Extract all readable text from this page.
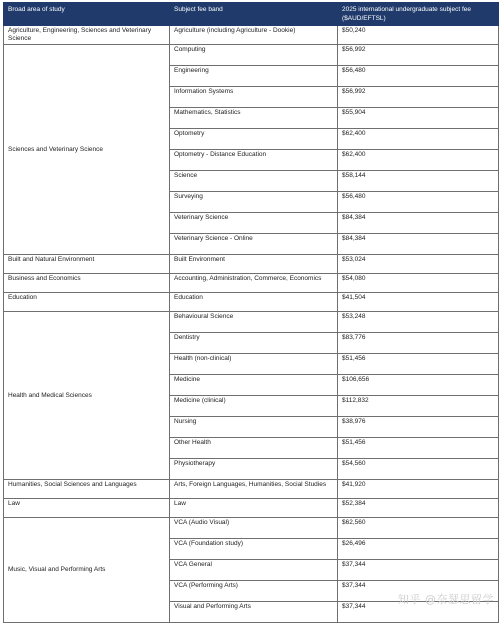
Broad area of study	Subject fee band	2025 international undergraduate subject fee ($AUD/EFTSL)
Agriculture, Engineering, Sciences and Veterinary Science	Agriculture (including Agriculture - Dookie)	$50,240
Sciences and Veterinary Science	Computing	$56,992
	Engineering	$56,480
	Information Systems	$56,992
	Mathematics, Statistics	$55,904
	Optometry	$62,400
	Optometry - Distance Education	$62,400
	Science	$58,144
	Surveying	$56,480
	Veterinary Science	$84,384
	Veterinary Science - Online	$84,384
Built and Natural Environment	Built Environment	$53,024
Business and Economics	Accounting, Administration, Commerce, Economics	$54,080
Education	Education	$41,504
Health and Medical Sciences	Behavioural Science	$53,248
	Dentistry	$83,776
	Health (non-clinical)	$51,456
	Medicine	$106,656
	Medicine (clinical)	$112,832
	Nursing	$38,976
	Other Health	$51,456
	Physiotherapy	$54,560
Humanities, Social Sciences and Languages	Arts, Foreign Languages, Humanities, Social Studies	$41,920
Law	Law	$52,384
Music, Visual and Performing Arts	VCA (Audio Visual)	$62,560
	VCA (Foundation study)	$26,496
	VCA General	$37,344
	VCA (Performing Arts)	$37,344
	Visual and Performing Arts	$37,344
知乎 @奈瑟思留学
